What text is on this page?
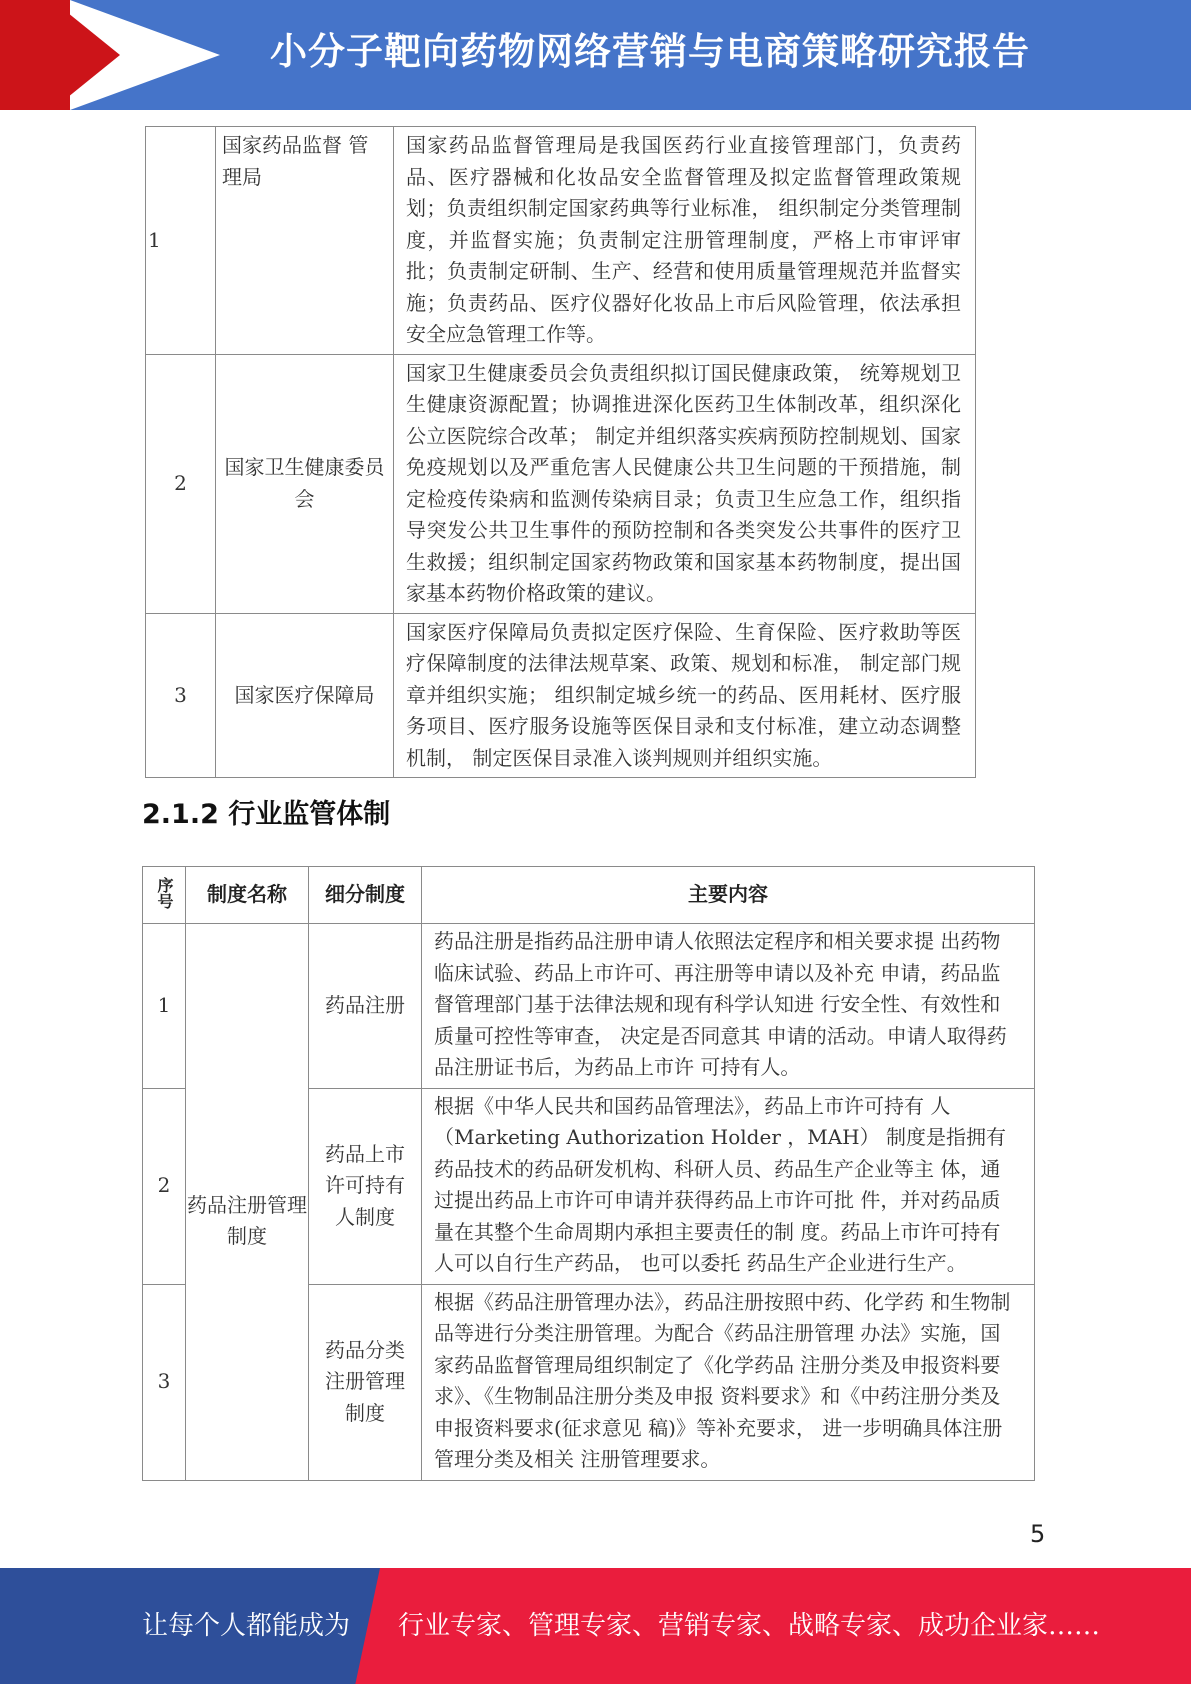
小分子靶向药物网络营销与电商策略研究报告
1	国家药品监督 管理局	国家药品监督管理局是我国医药行业直接管理部门，负责药品、医疗器械和化妆品安全监督管理及拟定监督管理政策规划；负责组织制定国家药典等行业标准， 组织制定分类管理制度，并监督实施；负责制定注册管理制度，严格上市审评审批；负责制定研制、生产、经营和使用质量管理规范并监督实施；负责药品、医疗仪器好化妆品上市后风险管理，依法承担安全应急管理工作等。
2	国家卫生健康委员会	国家卫生健康委员会负责组织拟订国民健康政策， 统筹规划卫生健康资源配置；协调推进深化医药卫生体制改革，组织深化公立医院综合改革； 制定并组织落实疾病预防控制规划、国家免疫规划以及严重危害人民健康公共卫生问题的干预措施，制定检疫传染病和监测传染病目录；负责卫生应急工作，组织指导突发公共卫生事件的预防控制和各类突发公共事件的医疗卫生救援；组织制定国家药物政策和国家基本药物制度，提出国家基本药物价格政策的建议。
3	国家医疗保障局	国家医疗保障局负责拟定医疗保险、生育保险、医疗救助等医疗保障制度的法律法规草案、政策、规划和标准， 制定部门规章并组织实施； 组织制定城乡统一的药品、医用耗材、医疗服务项目、医疗服务设施等医保目录和支付标准，建立动态调整机制， 制定医保目录准入谈判规则并组织实施。
2.1.2 行业监管体制
序号	制度名称	细分制度	主要内容
1	药品注册管理制度	药品注册	药品注册是指药品注册申请人依照法定程序和相关要求提 出药物临床试验、药品上市许可、再注册等申请以及补充 申请，药品监督管理部门基于法律法规和现有科学认知进 行安全性、有效性和质量可控性等审查， 决定是否同意其 申请的活动。申请人取得药品注册证书后，为药品上市许 可持有人。
2		药品上市许可持有人制度	根据《中华人民共和国药品管理法》，药品上市许可持有 人（Marketing Authorization Holder ，MAH） 制度是指拥有 药品技术的药品研发机构、科研人员、药品生产企业等主 体，通过提出药品上市许可申请并获得药品上市许可批 件，并对药品质量在其整个生命周期内承担主要责任的制 度。药品上市许可持有人可以自行生产药品， 也可以委托 药品生产企业进行生产。
3		药品分类注册管理制度	根据《药品注册管理办法》，药品注册按照中药、化学药 和生物制品等进行分类注册管理。为配合《药品注册管理 办法》实施，国家药品监督管理局组织制定了《化学药品 注册分类及申报资料要求》、《生物制品注册分类及申报 资料要求》和《中药注册分类及申报资料要求(征求意见 稿)》等补充要求， 进一步明确具体注册管理分类及相关 注册管理要求。
5
让每个人都能成为 行业专家、管理专家、营销专家、战略专家、成功企业家……
